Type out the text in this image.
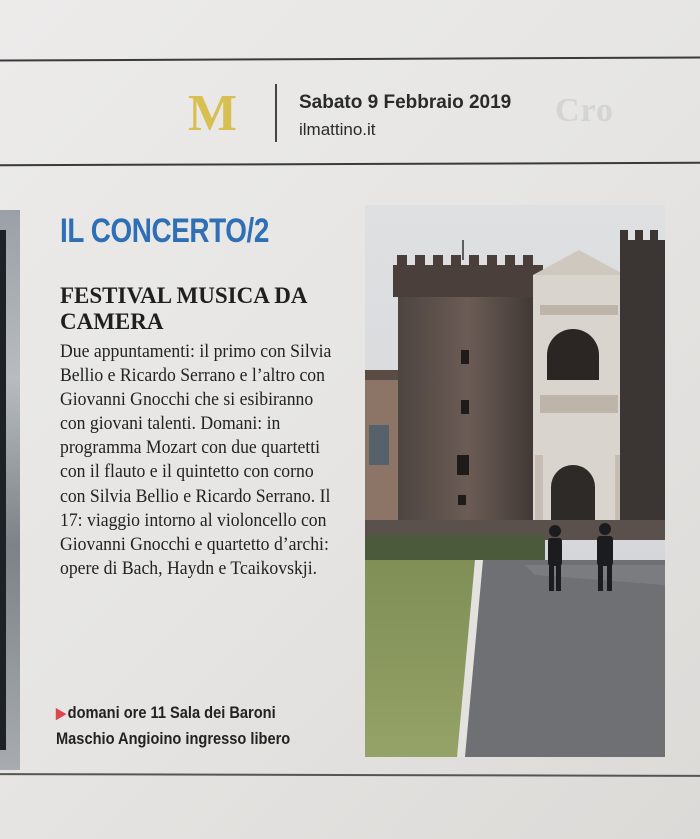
M	Sabato 9 Febbraio 2019
ilmattino.it
Cro
IL CONCERTO/2
FESTIVAL MUSICA DA CAMERA

Due appuntamenti: il primo con Silvia Bellio e Ricardo Serrano e l’altro con Giovanni Gnocchi che si esibiranno con giovani talenti. Domani: in programma Mozart con due quartetti con il flauto e il quintetto con corno con Silvia Bellio e Ricardo Serrano. Il 17: viaggio intorno al violoncello con Giovanni Gnocchi e quartetto d’archi: opere di Bach, Haydn e Tcaikovskji.

▶ domani ore 11 Sala dei Baroni
Maschio Angioino ingresso libero
